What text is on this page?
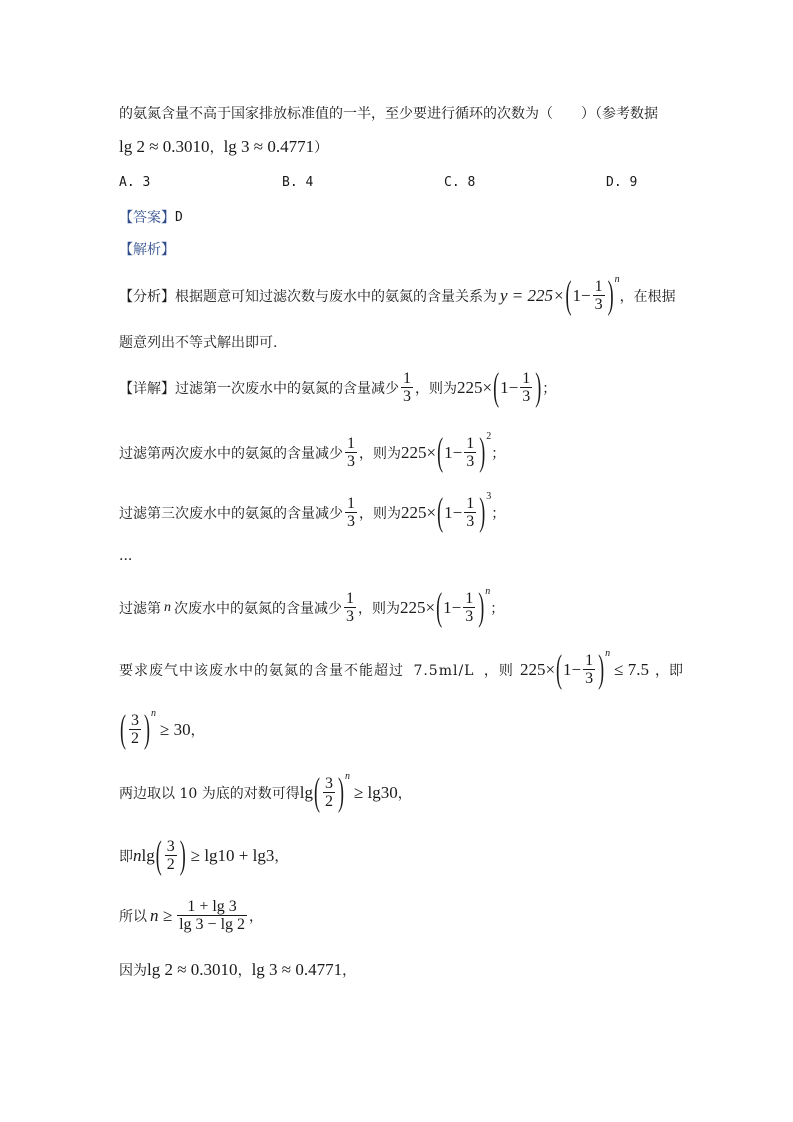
的氨氮含量不高于国家排放标准值的一半，至少要进行循环的次数为（　　）（参考数据
lg 2 ≈ 0.3010 ， lg 3 ≈ 0.4771 ）
A. 3	B. 4	C. 8	D. 9
【答案】 D
【解析】
【分析】 根据题意可知过滤次数与废水中的氨氮的含量关系为 y = 225× ( $1- \frac{1}{3}$ ) n
，在根据
题意列出不等式解出即可.
【详解】 过滤第一次废水中的氨氮的含量减少 $\frac{1}{3}$ ，则为 225× ( $1- \frac{1}{3}$ ) ；
过滤第两次废水中的氨氮的含量减少 $\frac{1}{3}$ ，则为 225× ( $1- \frac{1}{3}$ ) 2
；
过滤第三次废水中的氨氮的含量减少 $\frac{1}{3}$ ，则为 225× ( $1- \frac{1}{3}$ ) 3
；
...
过滤第 n 次废水中的氨氮的含量减少 $\frac{1}{3}$ ，则为 225× ( $1- \frac{1}{3}$ ) n
；
要求废气中该废水中的氨氮的含量不能超过 7.5ml/L ，则 225× ( $1- \frac{1}{3}$ ) n
≤ 7.5 ，即
( $\frac{3}{2}$ ) n
≥ 30 ，
两边取以 10 为底的对数可得 lg ( $\frac{3}{2}$ ) n
≥ lg30 ，
即 n lg ( $\frac{3}{2}$ ) ≥ lg10 + lg3 ，
所以 $n \ge \frac{1 + \lg 3}{\lg 3 - \lg 2}$ ，
因为 lg 2 ≈ 0.3010 ， lg 3 ≈ 0.4771 ，
